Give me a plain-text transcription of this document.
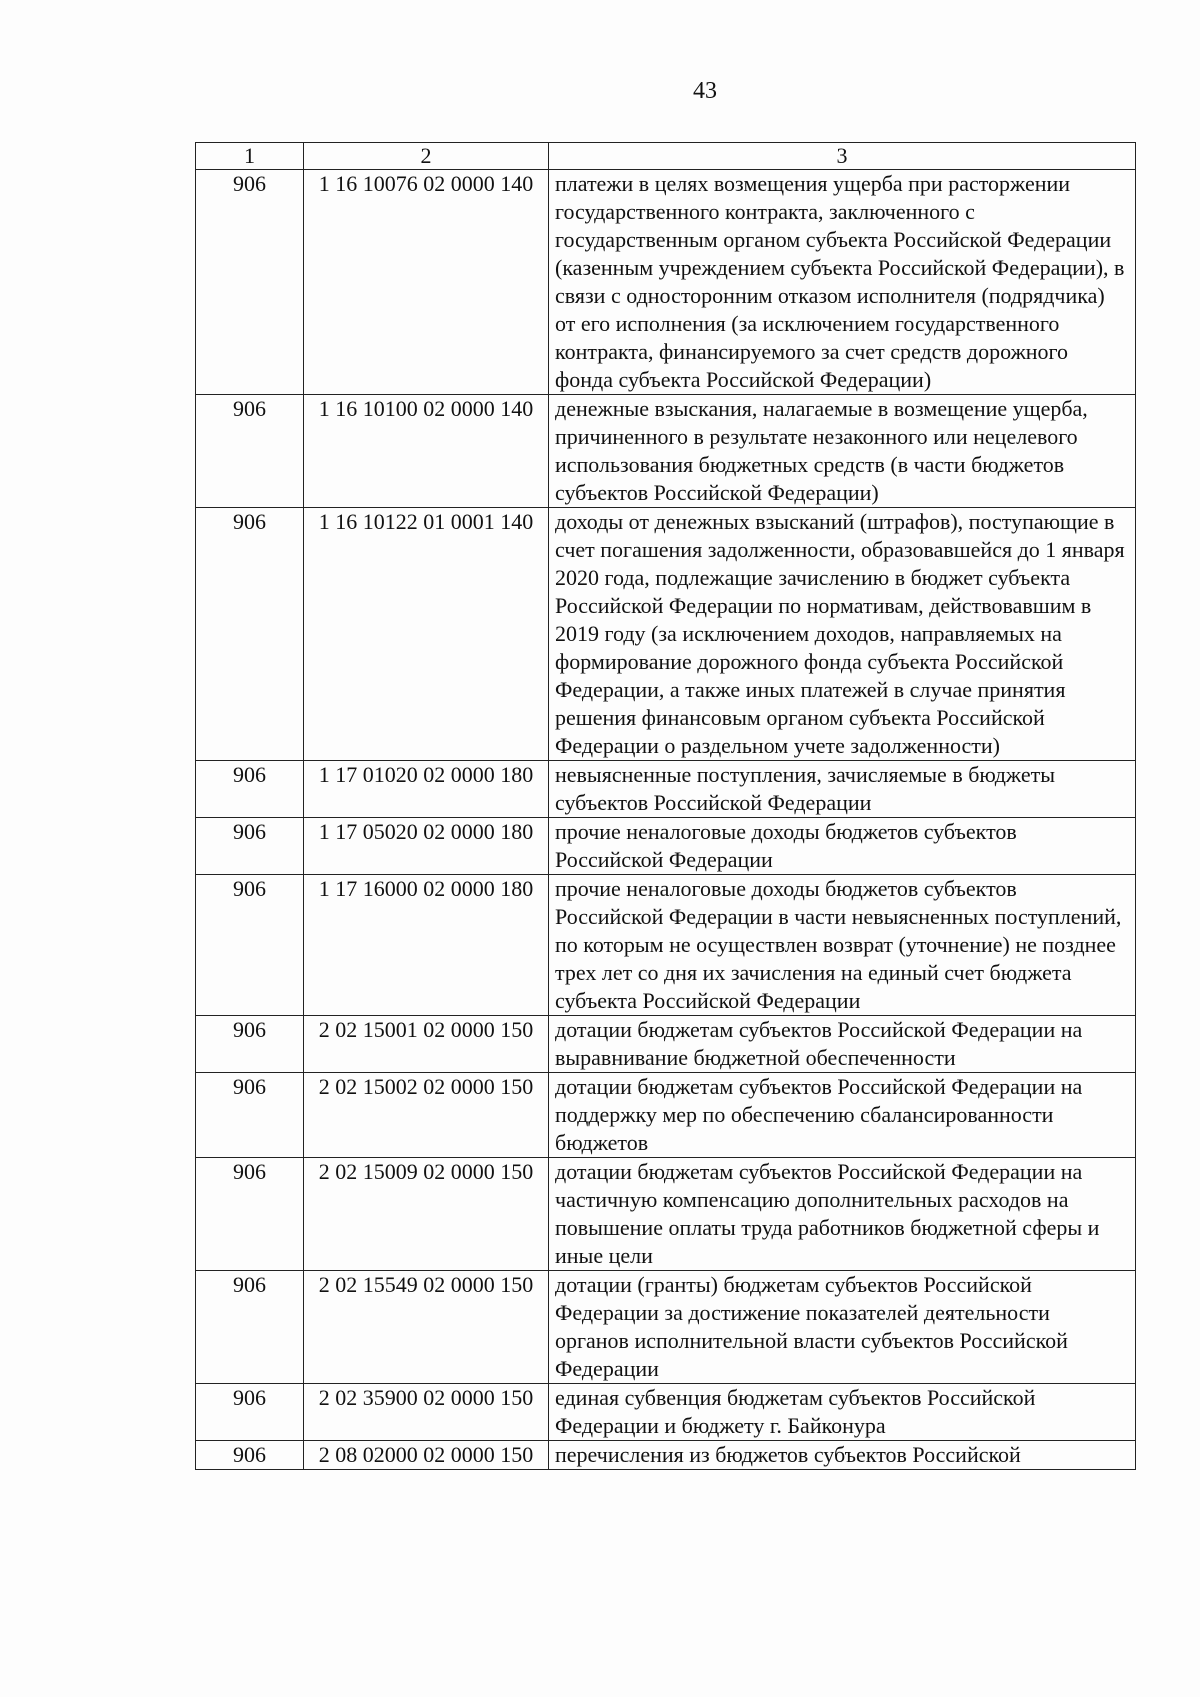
43
1	2	3
906	1 16 10076 02 0000 140	платежи в целях возмещения ущерба при расторжении государственного контракта, заключенного с государственным органом субъекта Российской Федерации (казенным учреждением субъекта Российской Федерации), в связи с односторонним отказом исполнителя (подрядчика) от его исполнения (за исключением государственного контракта, финансируемого за счет средств дорожного фонда субъекта Российской Федерации)
906	1 16 10100 02 0000 140	денежные взыскания, налагаемые в возмещение ущерба, причиненного в результате незаконного или нецелевого использования бюджетных средств (в части бюджетов субъектов Российской Федерации)
906	1 16 10122 01 0001 140	доходы от денежных взысканий (штрафов), поступающие в счет погашения задолженности, образовавшейся до 1 января 2020 года, подлежащие зачислению в бюджет субъекта Российской Федерации по нормативам, действовавшим в 2019 году (за исключением доходов, направляемых на формирование дорожного фонда субъекта Российской Федерации, а также иных платежей в случае принятия решения финансовым органом субъекта Российской Федерации о раздельном учете задолженности)
906	1 17 01020 02 0000 180	невыясненные поступления, зачисляемые в бюджеты субъектов Российской Федерации
906	1 17 05020 02 0000 180	прочие неналоговые доходы бюджетов субъектов Российской Федерации
906	1 17 16000 02 0000 180	прочие неналоговые доходы бюджетов субъектов Российской Федерации в части невыясненных поступлений, по которым не осуществлен возврат (уточнение) не позднее трех лет со дня их зачисления на единый счет бюджета субъекта Российской Федерации
906	2 02 15001 02 0000 150	дотации бюджетам субъектов Российской Федерации на выравнивание бюджетной обеспеченности
906	2 02 15002 02 0000 150	дотации бюджетам субъектов Российской Федерации на поддержку мер по обеспечению сбалансированности бюджетов
906	2 02 15009 02 0000 150	дотации бюджетам субъектов Российской Федерации на частичную компенсацию дополнительных расходов на повышение оплаты труда работников бюджетной сферы и иные цели
906	2 02 15549 02 0000 150	дотации (гранты) бюджетам субъектов Российской Федерации за достижение показателей деятельности органов исполнительной власти субъектов Российской Федерации
906	2 02 35900 02 0000 150	единая субвенция бюджетам субъектов Российской Федерации и бюджету г. Байконура
906	2 08 02000 02 0000 150	перечисления из бюджетов субъектов Российской
